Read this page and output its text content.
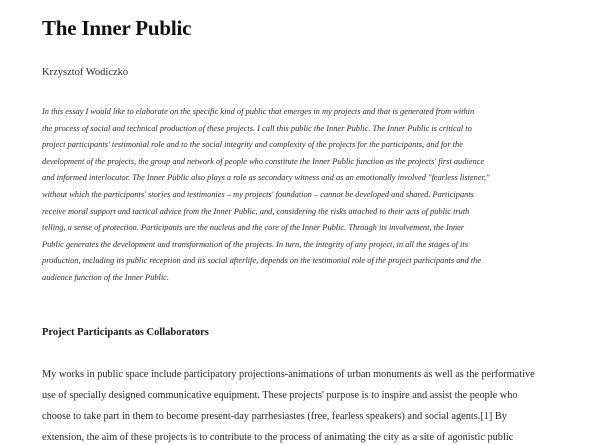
The Inner Public

Krzysztof Wodiczko

In this essay I would like to elaborate on the specific kind of public that emerges in my projects and that is generated from within
the process of social and technical production of these projects. I call this public the Inner Public. The Inner Public is critical to
project participants' testimonial role and to the social integrity and complexity of the projects for the participants, and for the
development of the projects, the group and network of people who constitute the Inner Public function as the projects' first audience
and informed interlocutor. The Inner Public also plays a role as secondary witness and as an emotionally involved "fearless listener,"
without which the participants' stories and testimonies – my projects' foundation – cannot be developed and shared. Participants
receive moral support and tactical advice from the Inner Public, and, considering the risks attached to their acts of public truth
telling, a sense of protection. Participants are the nucleus and the core of the Inner Public. Through its involvement, the Inner
Public generates the development and transformation of the projects. In turn, the integrity of any project, in all the stages of its
production, including its public reception and its social afterlife, depends on the testimonial role of the project participants and the
audience function of the Inner Public.
Project Participants as Collaborators
My works in public space include participatory projections-animations of urban monuments as well as the performative
use of specially designed communicative equipment. These projects' purpose is to inspire and assist the people who
choose to take part in them to become present-day parrhesiastes (free, fearless speakers) and social agents.[1] By
extension, the aim of these projects is to contribute to the process of animating the city as a site of agonistic public
